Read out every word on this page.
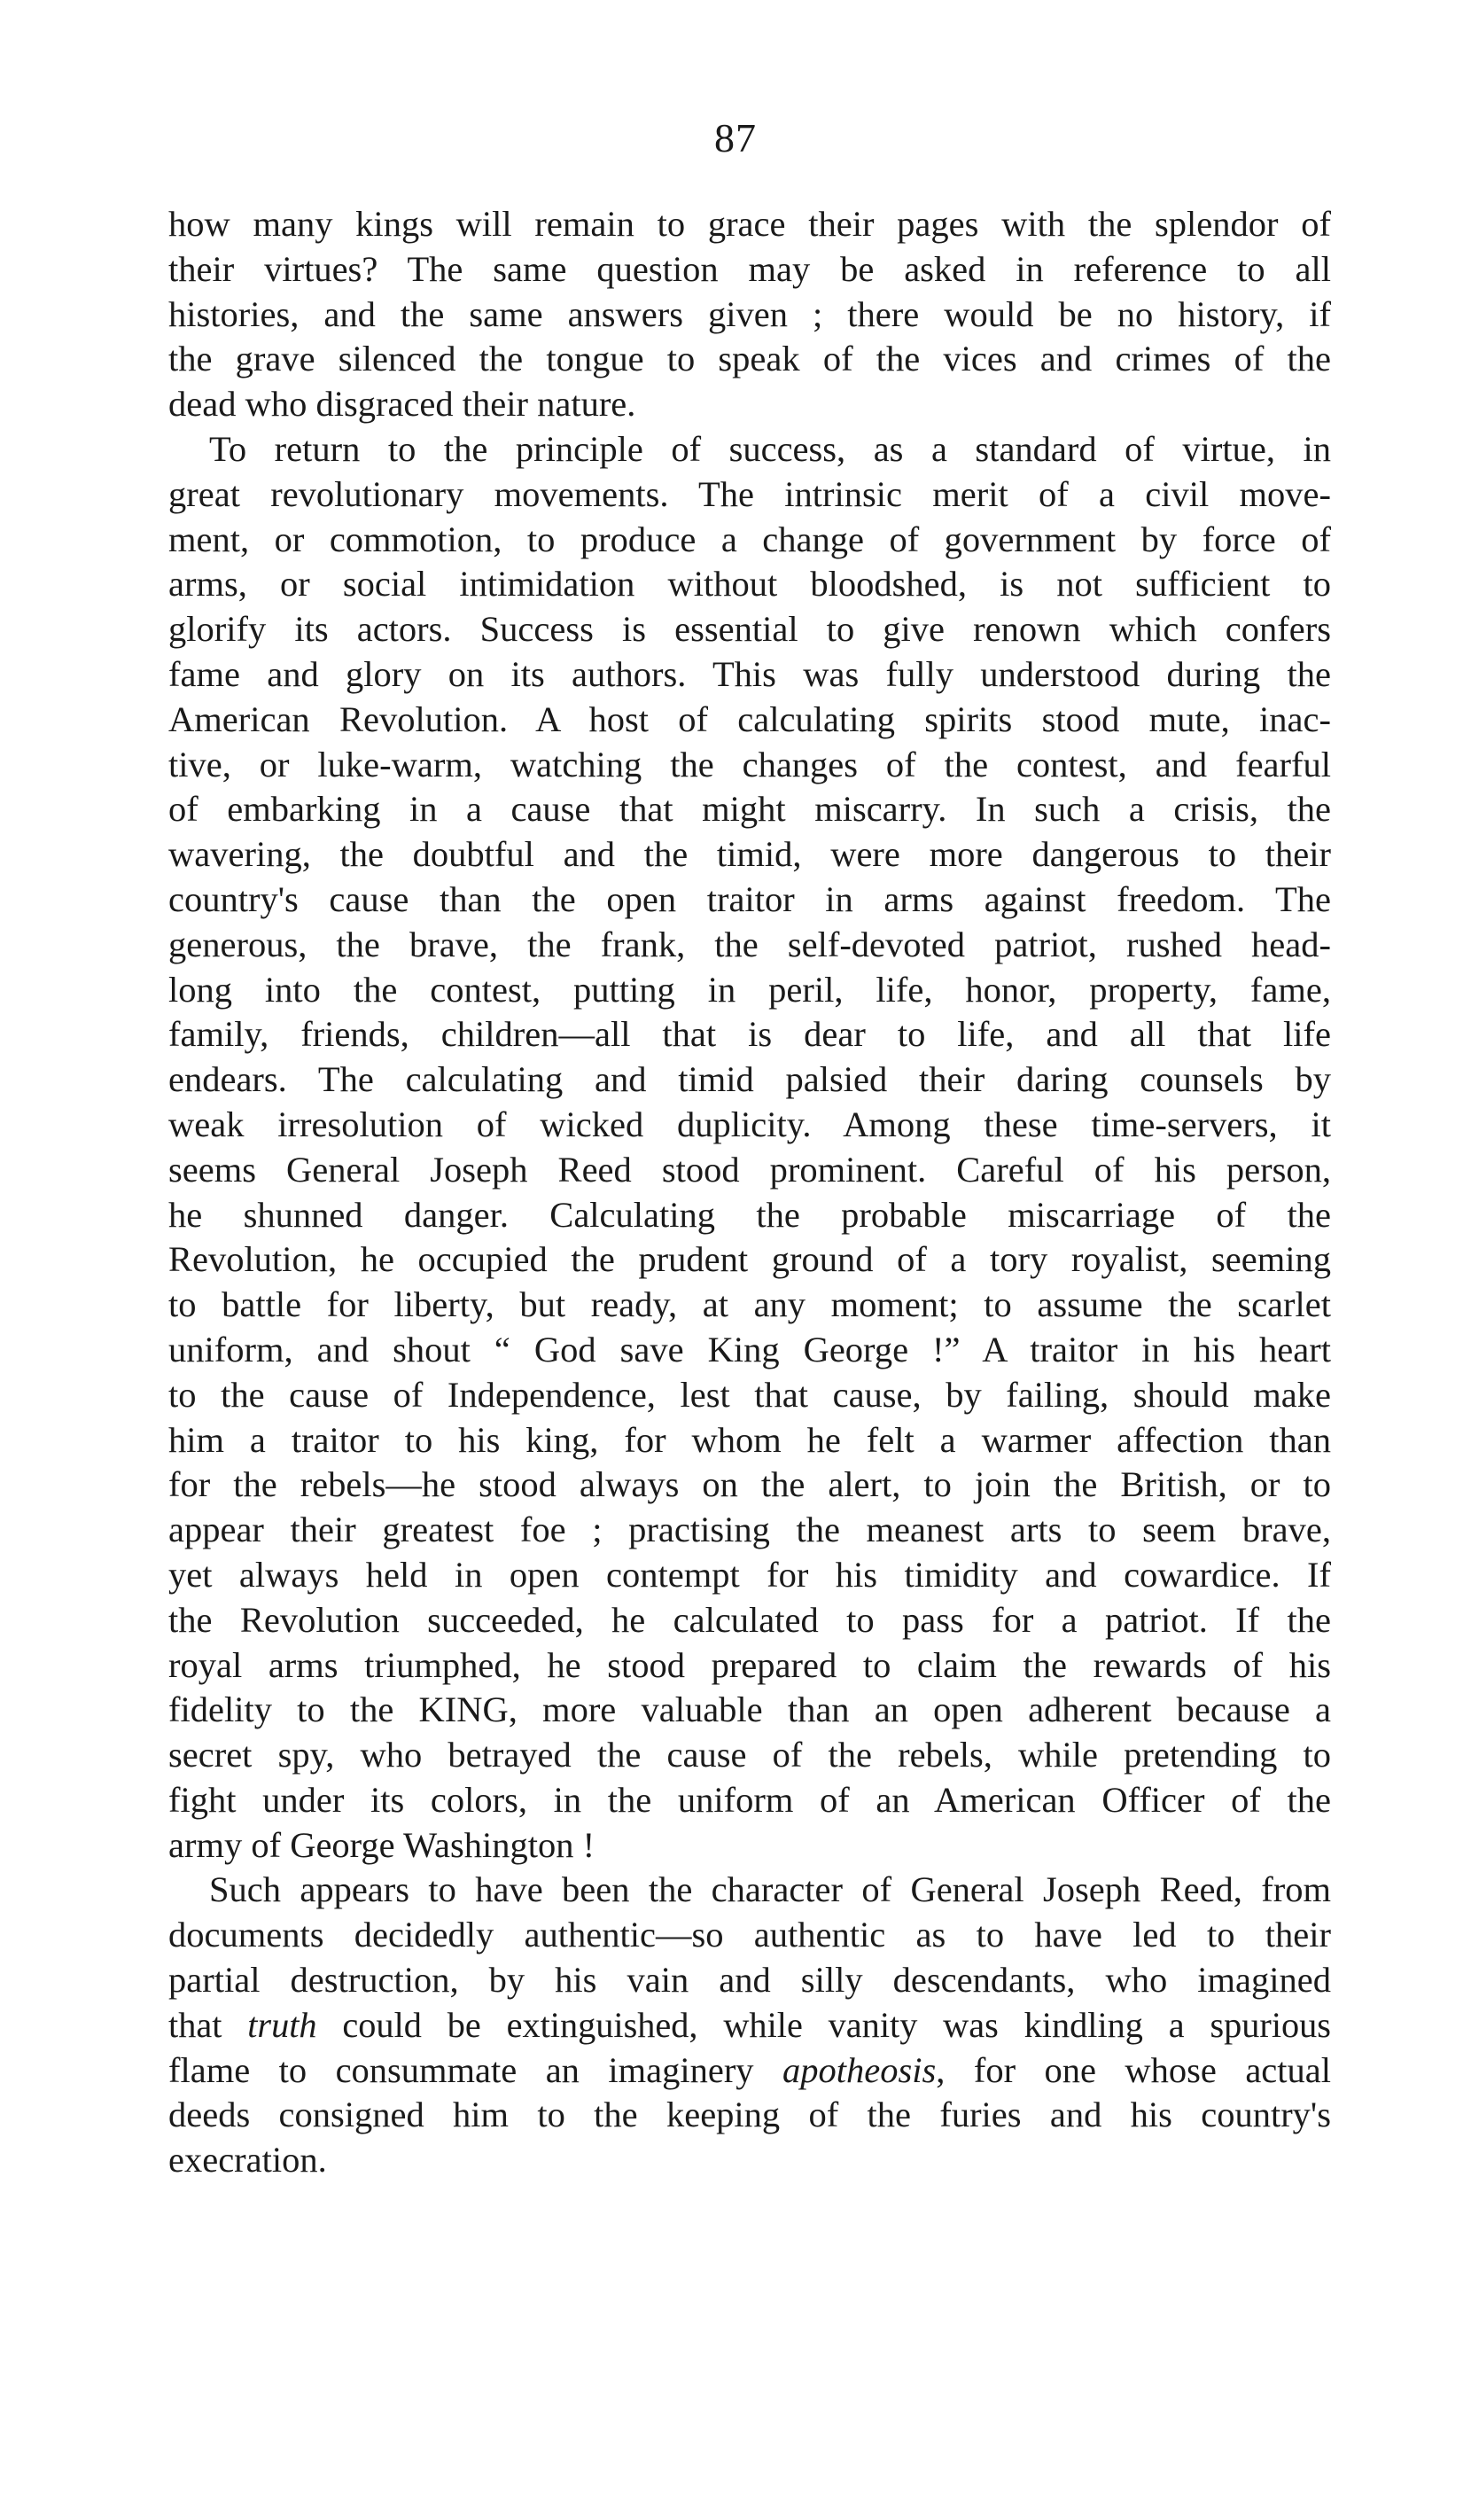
87
how many kings will remain to grace their pages with the splendor of
their virtues? The same question may be asked in reference to all
histories, and the same answers given ; there would be no history, if
the grave silenced the tongue to speak of the vices and crimes of the
dead who disgraced their nature.
To return to the principle of success, as a standard of virtue, in
great revolutionary movements. The intrinsic merit of a civil move-
ment, or commotion, to produce a change of government by force of
arms, or social intimidation without bloodshed, is not sufficient to
glorify its actors. Success is essential to give renown which confers
fame and glory on its authors. This was fully understood during the
American Revolution. A host of calculating spirits stood mute, inac-
tive, or luke-warm, watching the changes of the contest, and fearful
of embarking in a cause that might miscarry. In such a crisis, the
wavering, the doubtful and the timid, were more dangerous to their
country's cause than the open traitor in arms against freedom. The
generous, the brave, the frank, the self-devoted patriot, rushed head-
long into the contest, putting in peril, life, honor, property, fame,
family, friends, children—all that is dear to life, and all that life
endears. The calculating and timid palsied their daring counsels by
weak irresolution of wicked duplicity. Among these time-servers, it
seems General Joseph Reed stood prominent. Careful of his person,
he shunned danger. Calculating the probable miscarriage of the
Revolution, he occupied the prudent ground of a tory royalist, seeming
to battle for liberty, but ready, at any moment; to assume the scarlet
uniform, and shout “ God save King George !” A traitor in his heart
to the cause of Independence, lest that cause, by failing, should make
him a traitor to his king, for whom he felt a warmer affection than
for the rebels—he stood always on the alert, to join the British, or to
appear their greatest foe ; practising the meanest arts to seem brave,
yet always held in open contempt for his timidity and cowardice. If
the Revolution succeeded, he calculated to pass for a patriot. If the
royal arms triumphed, he stood prepared to claim the rewards of his
fidelity to the KING, more valuable than an open adherent because a
secret spy, who betrayed the cause of the rebels, while pretending to
fight under its colors, in the uniform of an American Officer of the
army of George Washington !
Such appears to have been the character of General Joseph Reed, from
documents decidedly authentic—so authentic as to have led to their
partial destruction, by his vain and silly descendants, who imagined
that truth could be extinguished, while vanity was kindling a spurious
flame to consummate an imaginery apotheosis, for one whose actual
deeds consigned him to the keeping of the furies and his country's
execration.
